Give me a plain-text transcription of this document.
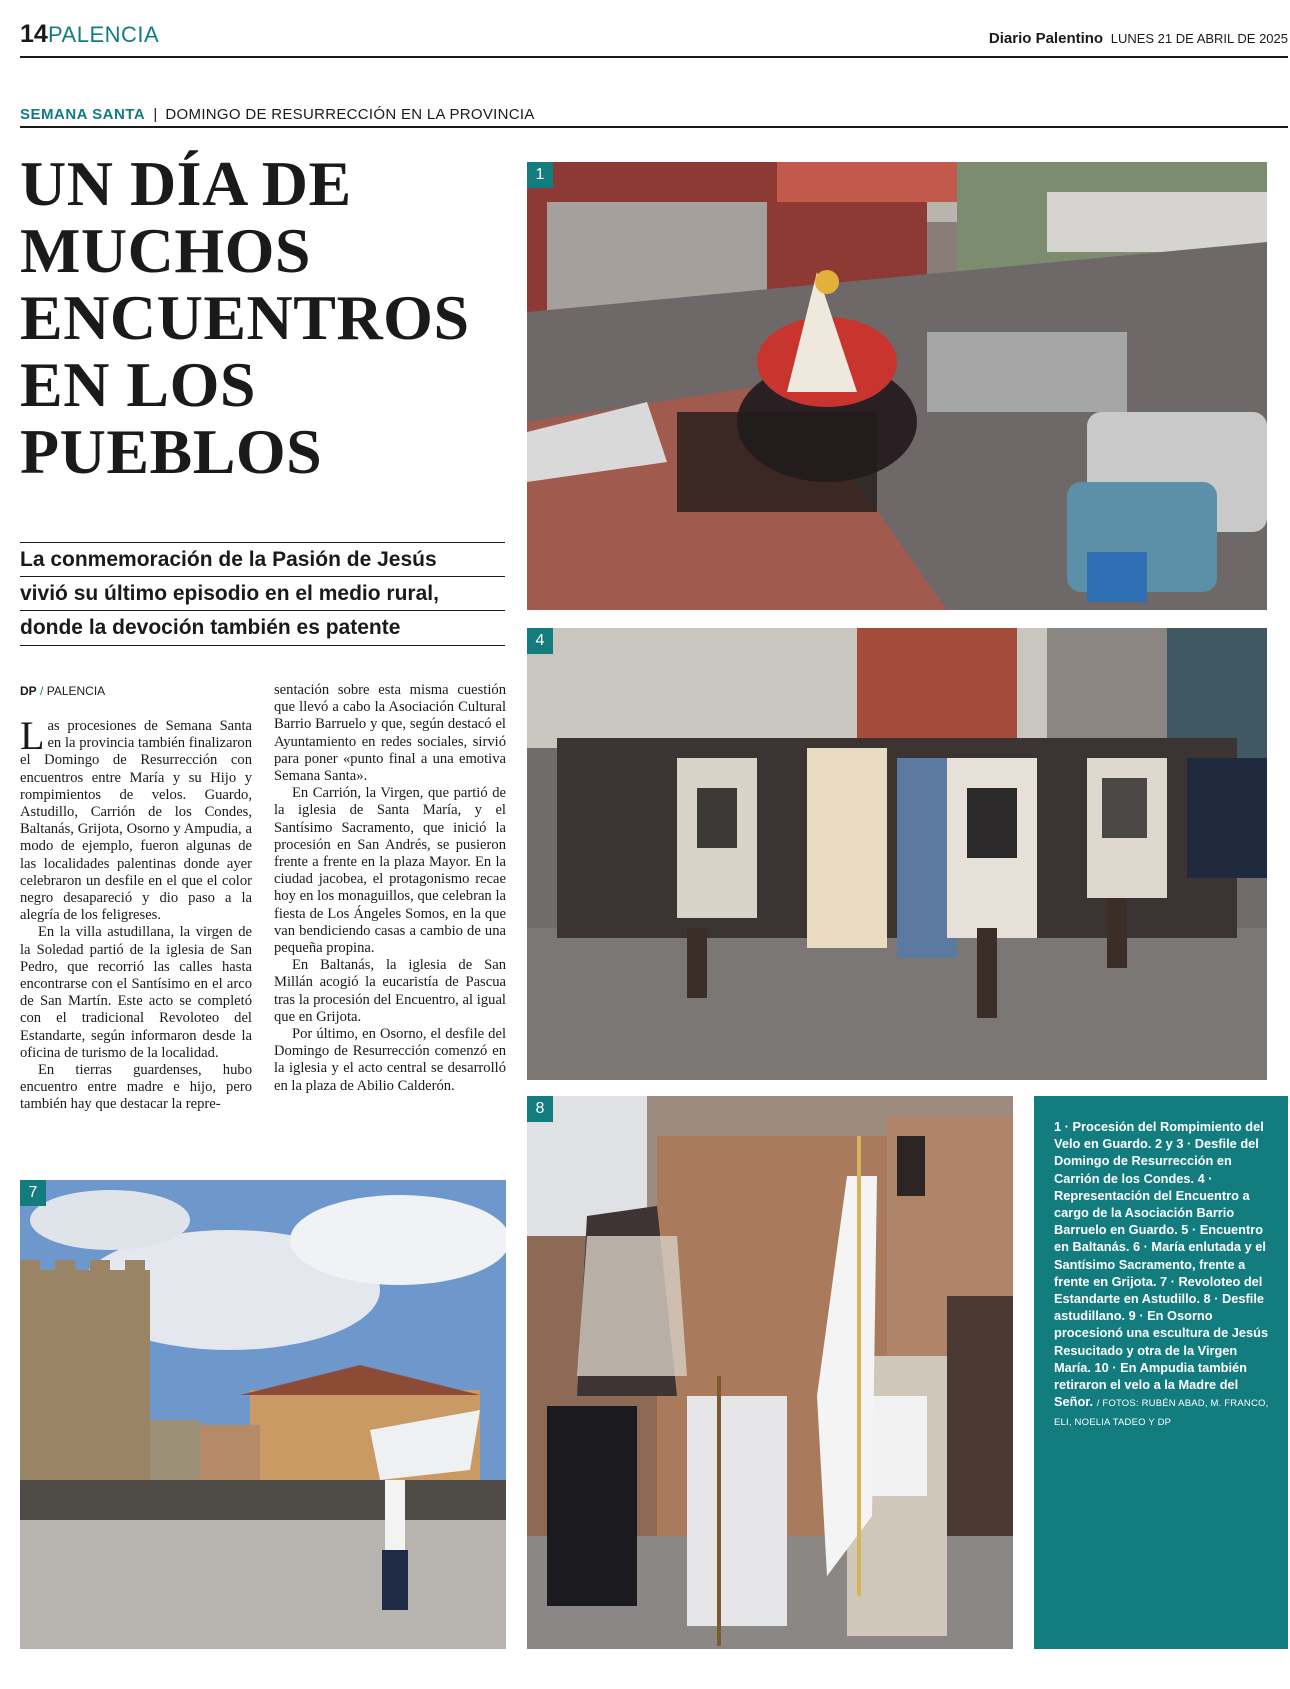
14 PALENCIA	Diario Palentino LUNES 21 DE ABRIL DE 2025
SEMANA SANTA | DOMINGO DE RESURRECCIÓN EN LA PROVINCIA
UN DÍA DE
MUCHOS
ENCUENTROS
EN LOS
PUEBLOS
La conmemoración de la Pasión de Jesús
vivió su último episodio en el medio rural,
donde la devoción también es patente
DP / PALENCIA

Las procesiones de Semana Santa en la provincia también finalizaron el Domingo de Resurrección con encuentros entre María y su Hijo y rompimientos de velos. Guardo, Astudillo, Carrión de los Condes, Baltanás, Grijota, Osorno y Ampudia, a modo de ejemplo, fueron algunas de las localidades palentinas donde ayer celebraron un desfile en el que el color negro desapareció y dio paso a la alegría de los feligreses.

En la villa astudillana, la virgen de la Soledad partió de la iglesia de San Pedro, que recorrió las calles hasta encontrarse con el Santísimo en el arco de San Martín. Este acto se completó con el tradicional Revoloteo del Estandarte, según informaron desde la oficina de turismo de la localidad.

En tierras guardenses, hubo encuentro entre madre e hijo, pero también hay que destacar la repre-

sentación sobre esta misma cuestión que llevó a cabo la Asociación Cultural Barrio Barruelo y que, según destacó el Ayuntamiento en redes sociales, sirvió para poner «punto final a una emotiva Semana Santa».

En Carrión, la Virgen, que partió de la iglesia de Santa María, y el Santísimo Sacramento, que inició la procesión en San Andrés, se pusieron frente a frente en la plaza Mayor. En la ciudad jacobea, el protagonismo recae hoy en los monaguillos, que celebran la fiesta de Los Ángeles Somos, en la que van bendiciendo casas a cambio de una pequeña propina.

En Baltanás, la iglesia de San Millán acogió la eucaristía de Pascua tras la procesión del Encuentro, al igual que en Grijota.

Por último, en Osorno, el desfile del Domingo de Resurrección comenzó en la iglesia y el acto central se desarrolló en la plaza de Abilio Calderón.

1
4
7
8

1 · Procesión del Rompimiento del Velo en Guardo. 2 y 3 · Desfile del Domingo de Resurrección en Carrión de los Condes. 4 · Representación del Encuentro a cargo de la Asociación Barrio Barruelo en Guardo. 5 · Encuentro en Baltanás. 6 · María enlutada y el Santísimo Sacramento, frente a frente en Grijota. 7 · Revoloteo del Estandarte en Astudillo. 8 · Desfile astudillano. 9 · En Osorno procesionó una escultura de Jesús Resucitado y otra de la Virgen María. 10 · En Ampudia también retiraron el velo a la Madre del Señor. / FOTOS: RUBÉN ABAD, M. FRANCO, ELI, NOELIA TADEO Y DP
